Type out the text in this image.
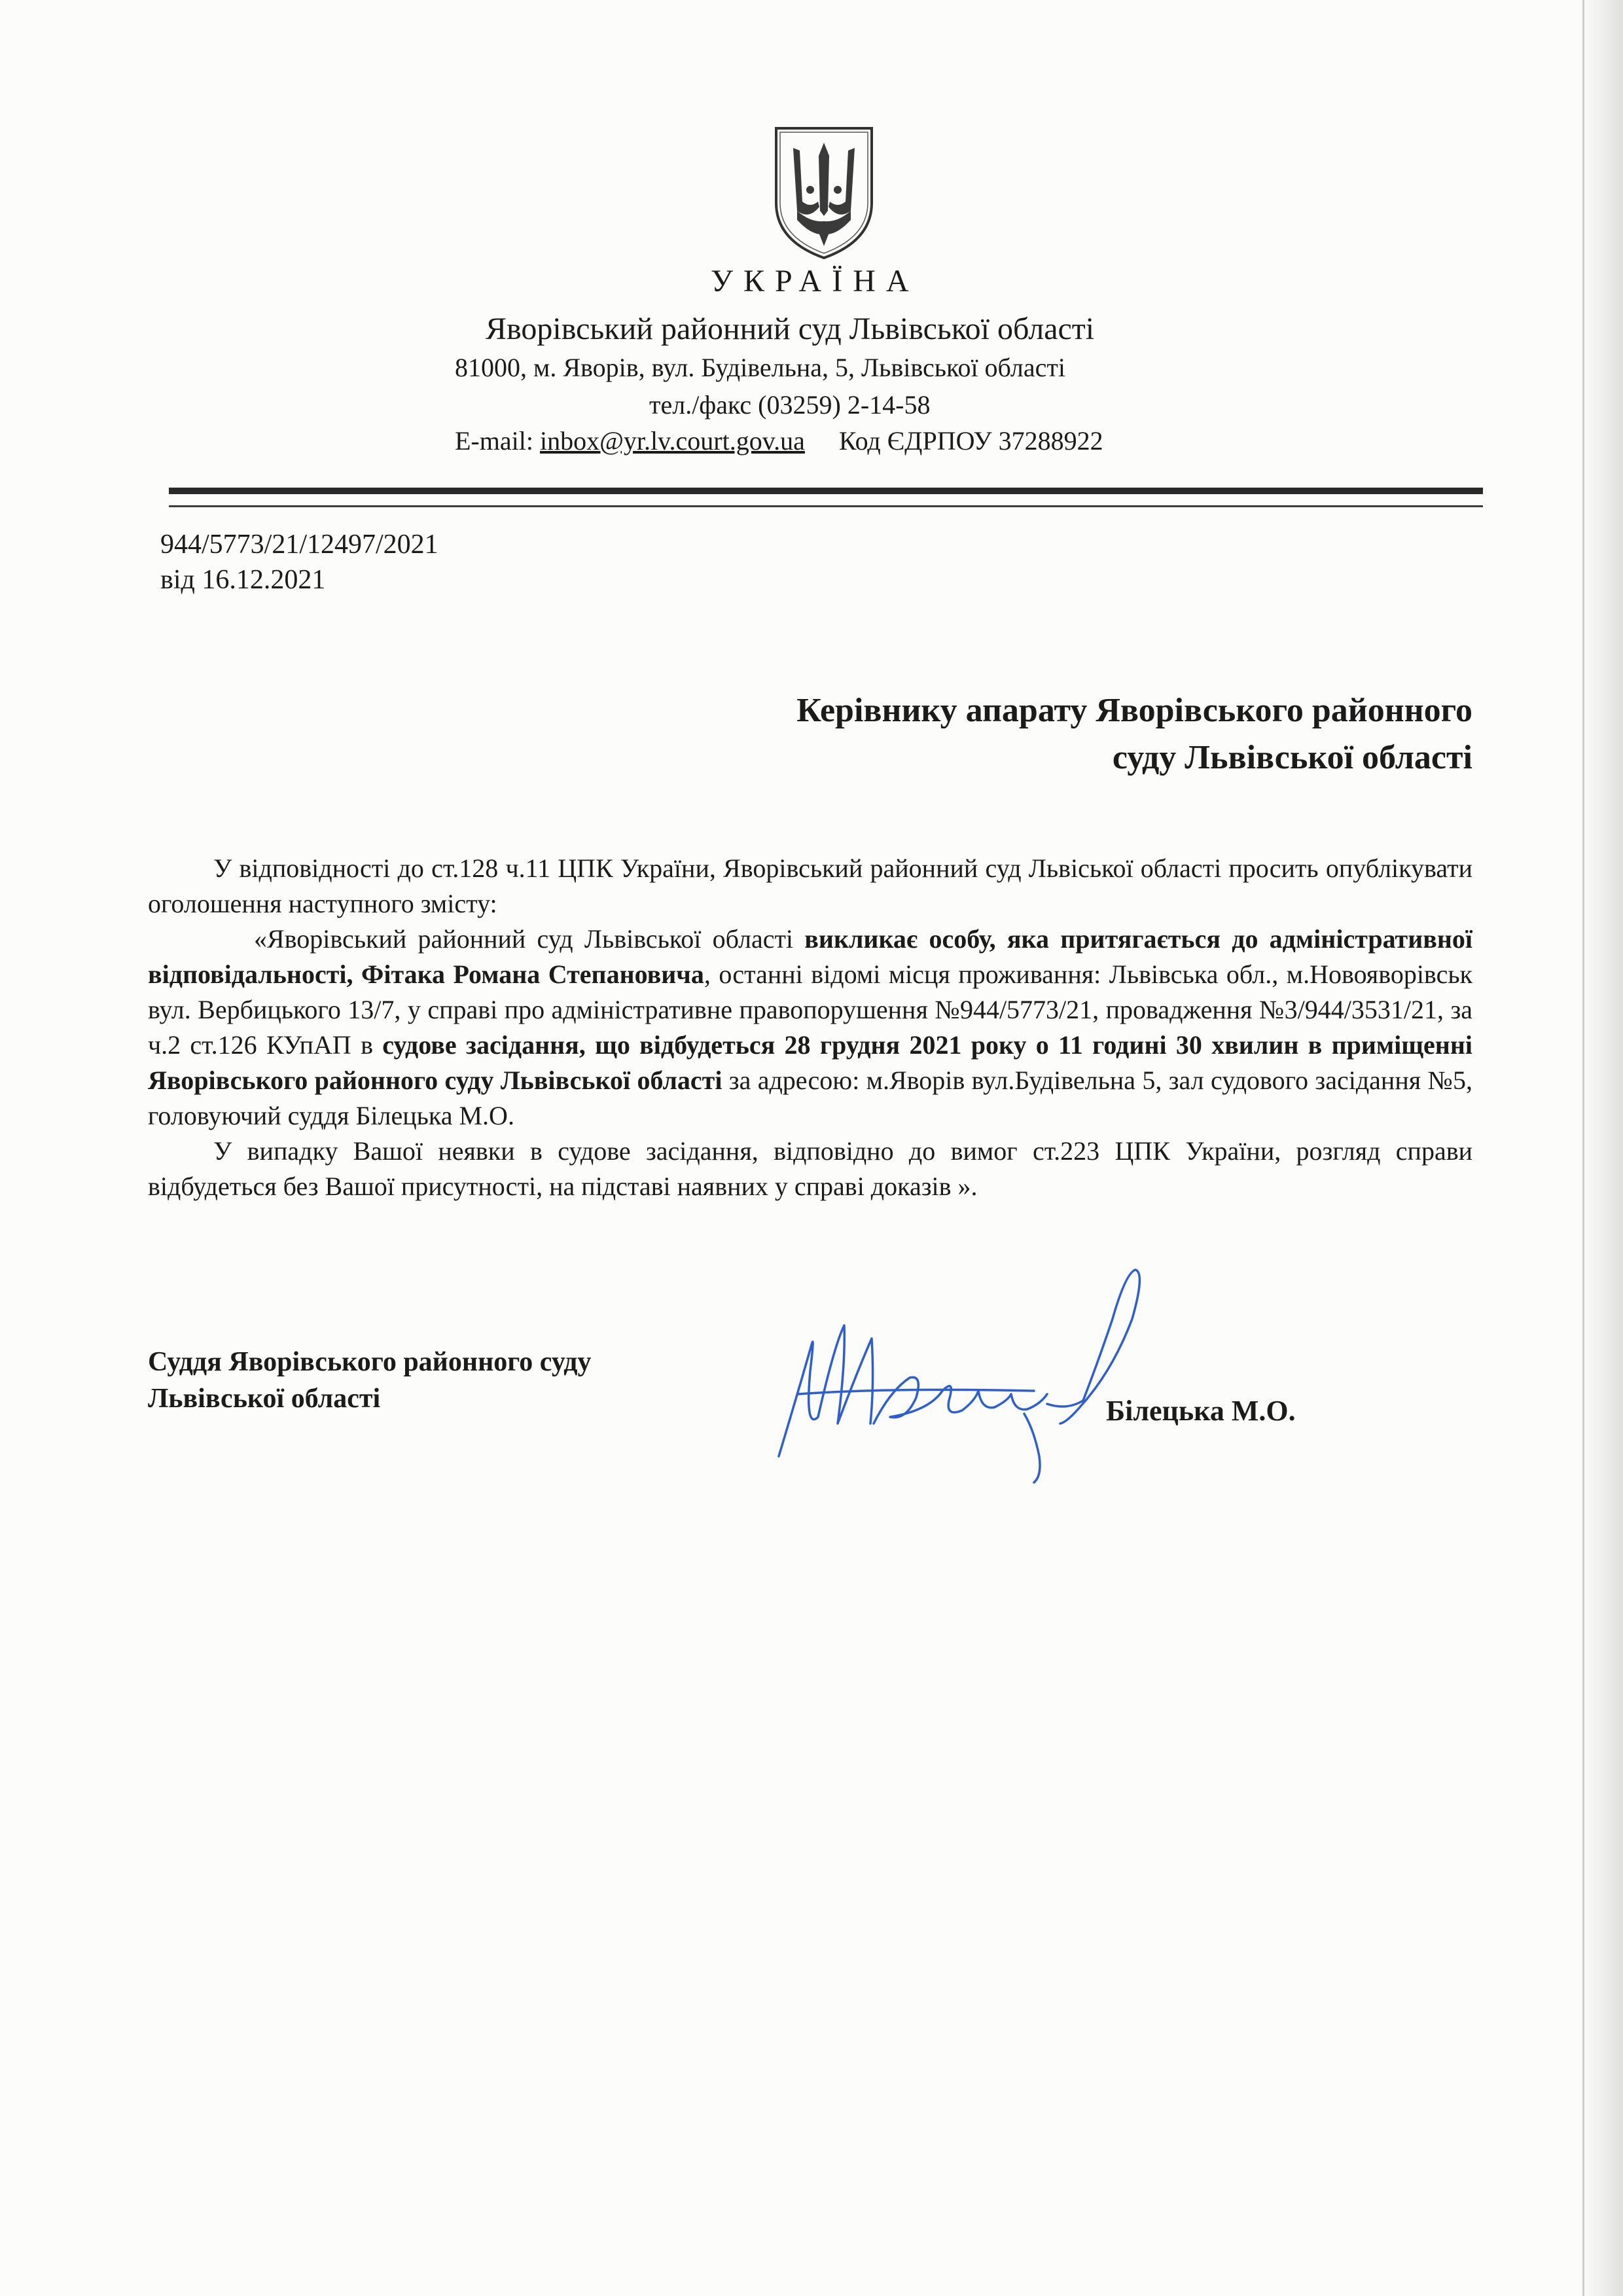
УКРАЇНА
Яворівський районний суд Львівської області
81000, м. Яворів, вул. Будівельна, 5, Львівської області
тел./факс (03259) 2-14-58
E-mail: inbox@yr.lv.court.gov.ua Код ЄДРПОУ 37288922
944/5773/21/12497/2021
від 16.12.2021
Керівнику апарату Яворівського районного
суду Львівської області

У відповідності до ст.128 ч.11 ЦПК України, Яворівський районний суд Львіської області просить опублікувати оголошення наступного змісту:

«Яворівський районний суд Львівської області викликає особу, яка притягається до адміністративної відповідальності, Фітака Романа Степановича, останні відомі місця проживання: Львівська обл., м.Новояворівськ вул. Вербицького 13/7, у справі про адміністративне правопорушення №944/5773/21, провадження №3/944/3531/21, за ч.2 ст.126 КУпАП в судове засідання, що відбудеться 28 грудня 2021 року о 11 годині 30 хвилин в приміщенні Яворівського районного суду Львівської області за адресою: м.Яворів вул.Будівельна 5, зал судового засідання №5, головуючий суддя Білецька М.О.

У випадку Вашої неявки в судове засідання, відповідно до вимог ст.223 ЦПК України, розгляд справи відбудеться без Вашої присутності, на підставі наявних у справі доказів ».

Суддя Яворівського районного суду
Львівської області	Білецька М.О.
